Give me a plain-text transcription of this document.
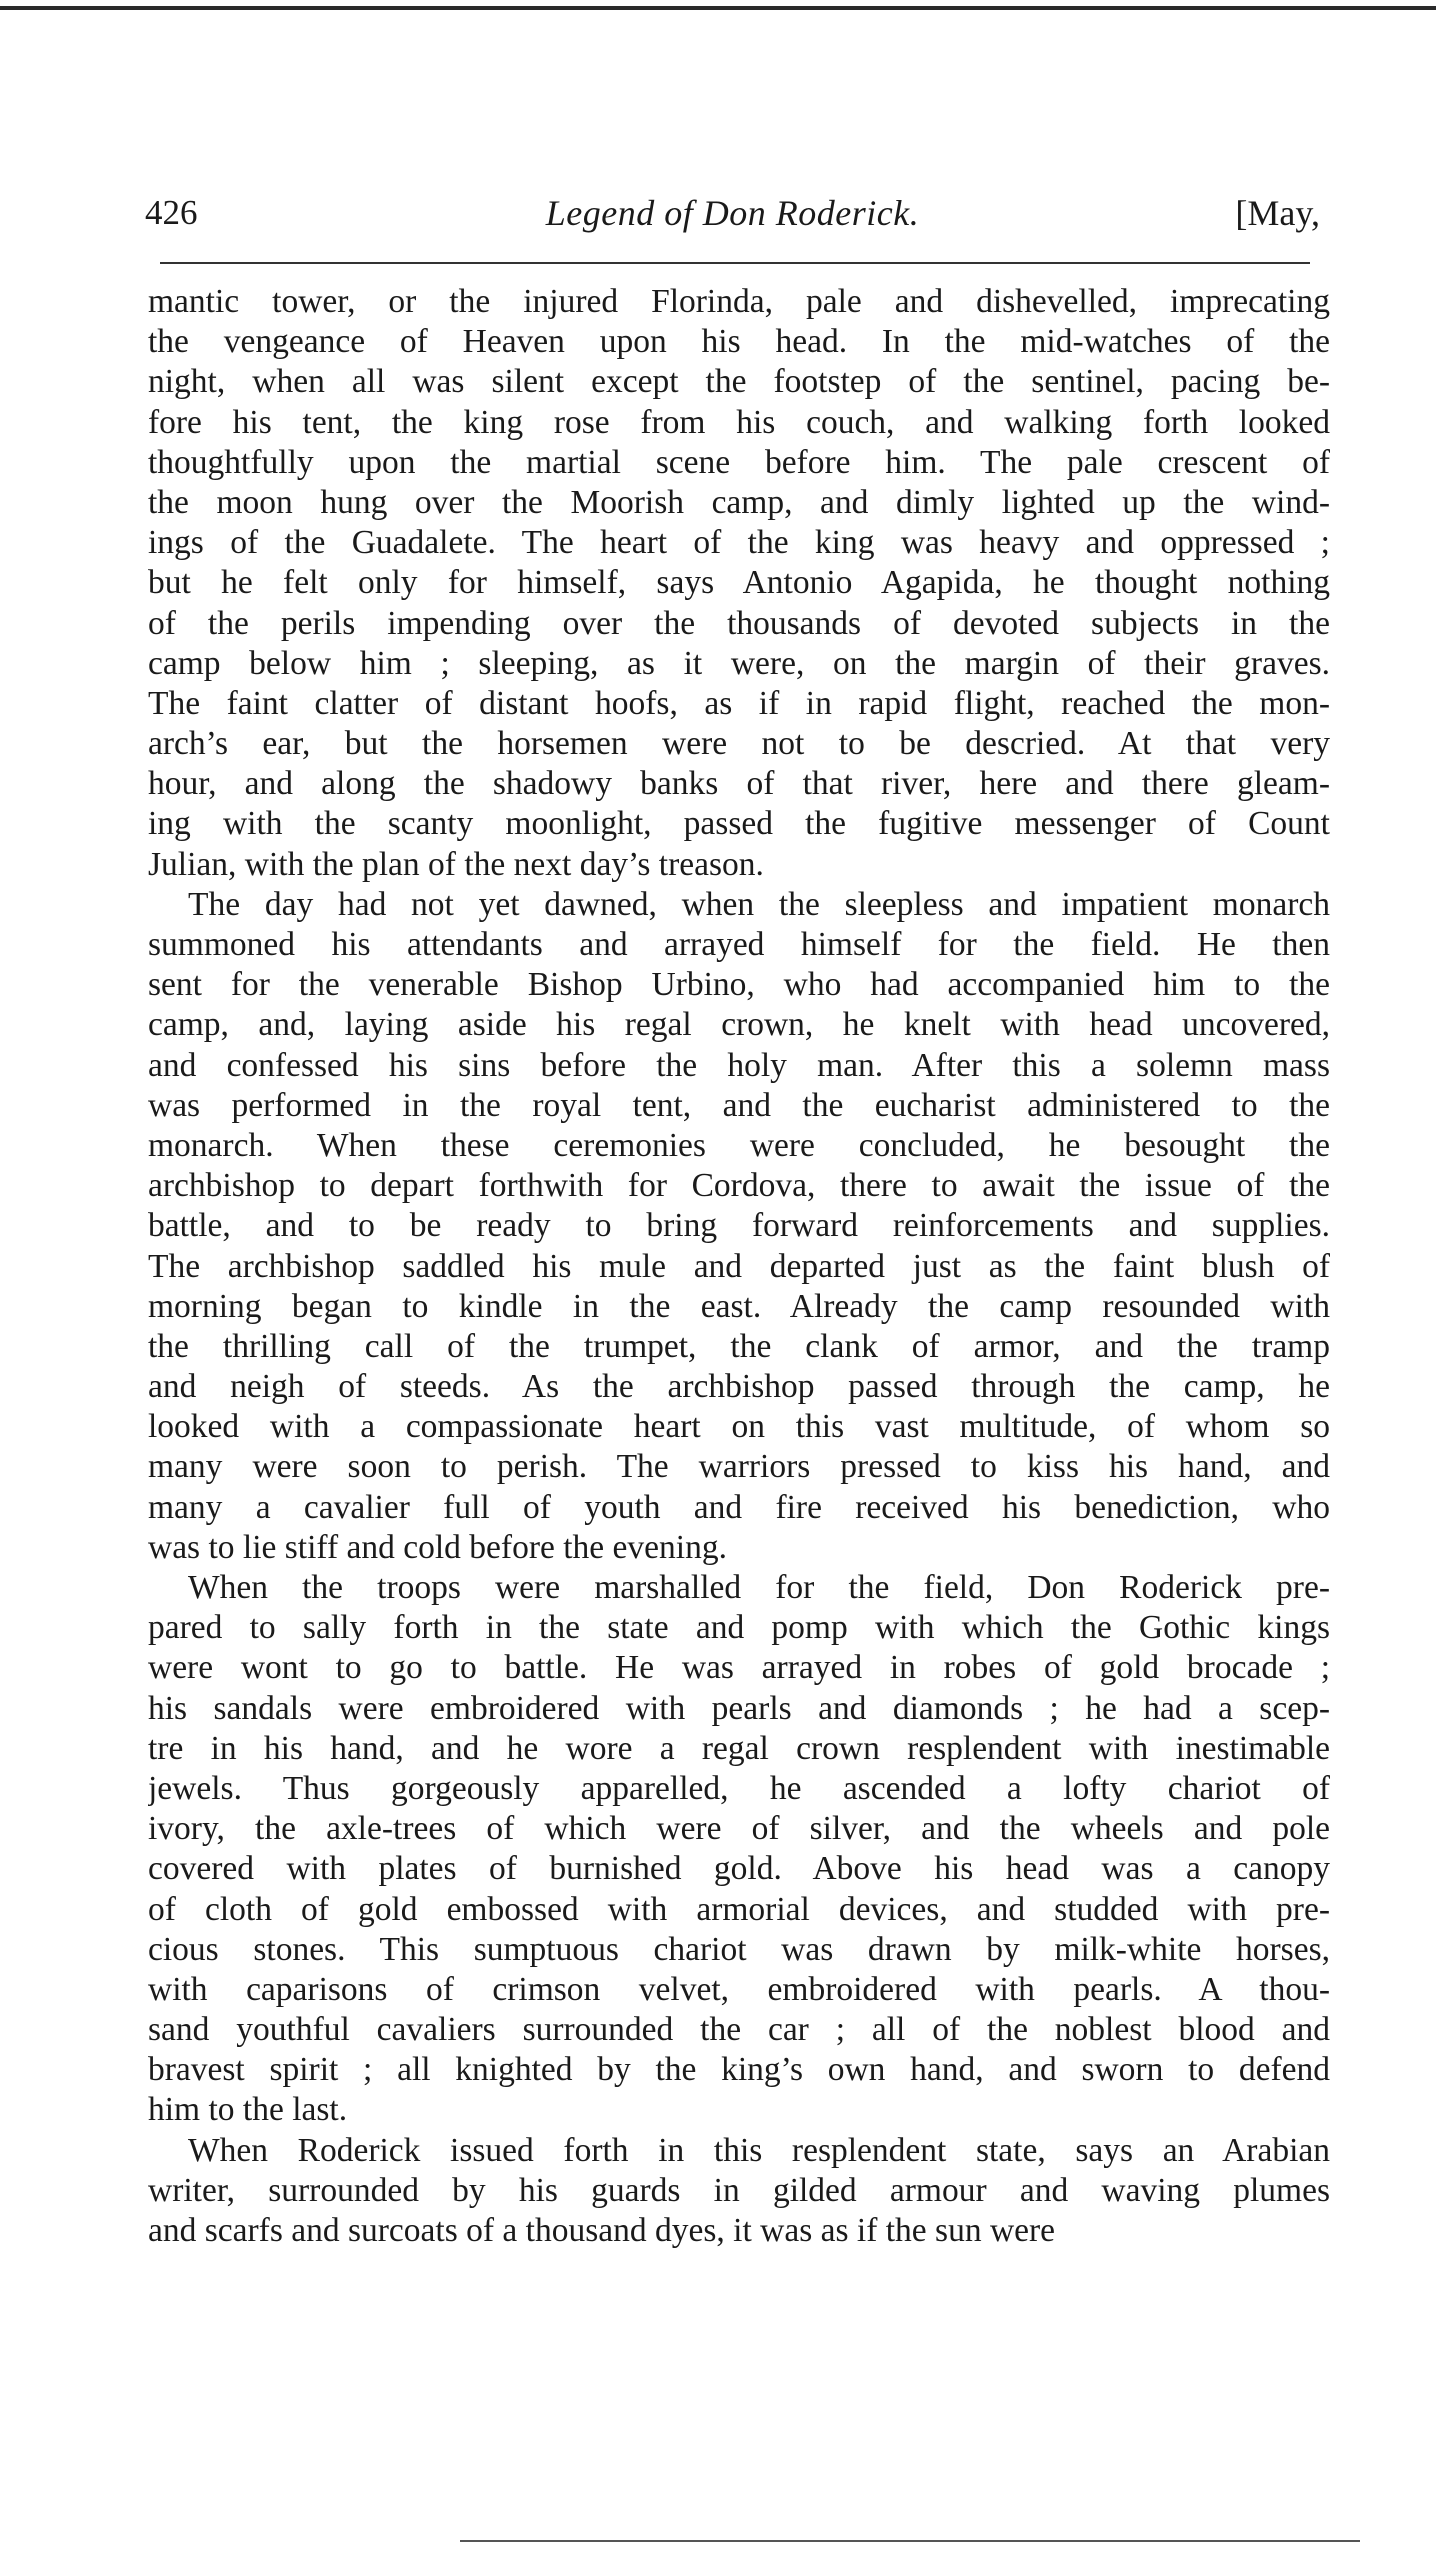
426	Legend of Don Roderick.	[May,
mantic tower, or the injured Florinda, pale and dishevelled, imprecating
the vengeance of Heaven upon his head. In the mid-watches of the
night, when all was silent except the footstep of the sentinel, pacing be-
fore his tent, the king rose from his couch, and walking forth looked
thoughtfully upon the martial scene before him. The pale crescent of
the moon hung over the Moorish camp, and dimly lighted up the wind-
ings of the Guadalete. The heart of the king was heavy and oppressed ;
but he felt only for himself, says Antonio Agapida, he thought nothing
of the perils impending over the thousands of devoted subjects in the
camp below him ; sleeping, as it were, on the margin of their graves.
The faint clatter of distant hoofs, as if in rapid flight, reached the mon-
arch’s ear, but the horsemen were not to be descried. At that very
hour, and along the shadowy banks of that river, here and there gleam-
ing with the scanty moonlight, passed the fugitive messenger of Count
Julian, with the plan of the next day’s treason.
The day had not yet dawned, when the sleepless and impatient monarch
summoned his attendants and arrayed himself for the field. He then
sent for the venerable Bishop Urbino, who had accompanied him to the
camp, and, laying aside his regal crown, he knelt with head uncovered,
and confessed his sins before the holy man. After this a solemn mass
was performed in the royal tent, and the eucharist administered to the
monarch. When these ceremonies were concluded, he besought the
archbishop to depart forthwith for Cordova, there to await the issue of the
battle, and to be ready to bring forward reinforcements and supplies.
The archbishop saddled his mule and departed just as the faint blush of
morning began to kindle in the east. Already the camp resounded with
the thrilling call of the trumpet, the clank of armor, and the tramp
and neigh of steeds. As the archbishop passed through the camp, he
looked with a compassionate heart on this vast multitude, of whom so
many were soon to perish. The warriors pressed to kiss his hand, and
many a cavalier full of youth and fire received his benediction, who
was to lie stiff and cold before the evening.
When the troops were marshalled for the field, Don Roderick pre-
pared to sally forth in the state and pomp with which the Gothic kings
were wont to go to battle. He was arrayed in robes of gold brocade ;
his sandals were embroidered with pearls and diamonds ; he had a scep-
tre in his hand, and he wore a regal crown resplendent with inestimable
jewels. Thus gorgeously apparelled, he ascended a lofty chariot of
ivory, the axle-trees of which were of silver, and the wheels and pole
covered with plates of burnished gold. Above his head was a canopy
of cloth of gold embossed with armorial devices, and studded with pre-
cious stones. This sumptuous chariot was drawn by milk-white horses,
with caparisons of crimson velvet, embroidered with pearls. A thou-
sand youthful cavaliers surrounded the car ; all of the noblest blood and
bravest spirit ; all knighted by the king’s own hand, and sworn to defend
him to the last.
When Roderick issued forth in this resplendent state, says an Arabian
writer, surrounded by his guards in gilded armour and waving plumes
and scarfs and surcoats of a thousand dyes, it was as if the sun were
